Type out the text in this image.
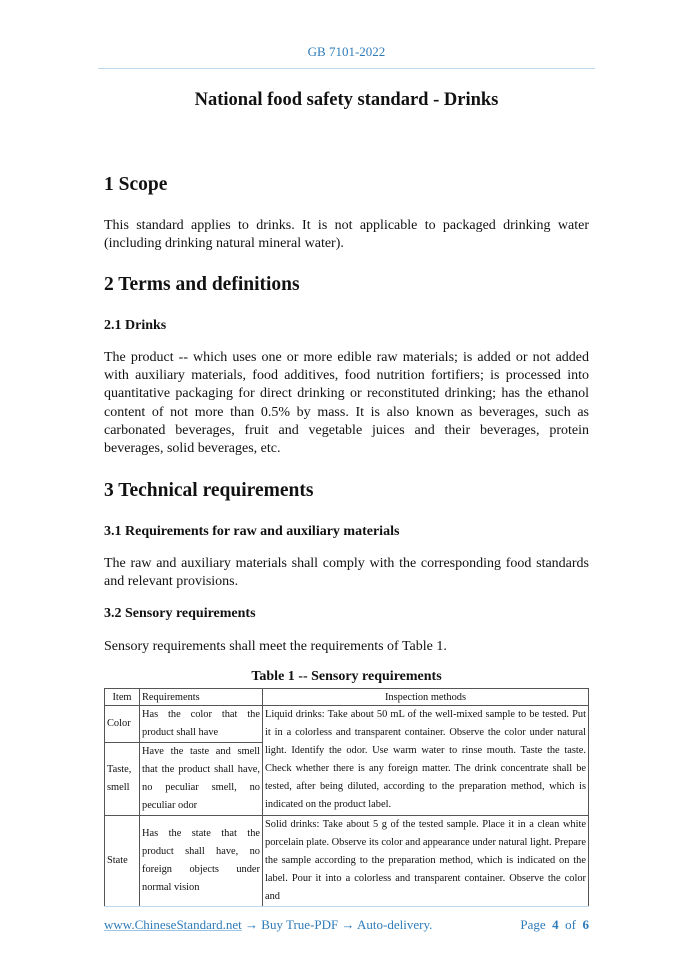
GB 7101-2022
National food safety standard - Drinks
1 Scope
This standard applies to drinks. It is not applicable to packaged drinking water (including drinking natural mineral water).
2 Terms and definitions
2.1 Drinks
The product -- which uses one or more edible raw materials; is added or not added with auxiliary materials, food additives, food nutrition fortifiers; is processed into quantitative packaging for direct drinking or reconstituted drinking; has the ethanol content of not more than 0.5% by mass. It is also known as beverages, such as carbonated beverages, fruit and vegetable juices and their beverages, protein beverages, solid beverages, etc.
3 Technical requirements
3.1 Requirements for raw and auxiliary materials
The raw and auxiliary materials shall comply with the corresponding food standards and relevant provisions.
3.2 Sensory requirements
Sensory requirements shall meet the requirements of Table 1.
Table 1 -- Sensory requirements
Item	Requirements	Inspection methods
Color	Has the color that the product shall have	Liquid drinks: Take about 50 mL of the well-mixed sample to be tested. Put it in a colorless and transparent container. Observe the color under natural light. Identify the odor. Use warm water to rinse mouth. Taste the taste. Check whether there is any foreign matter. The drink concentrate shall be tested, after being diluted, according to the preparation method, which is indicated on the product label.
Taste, smell	Have the taste and smell that the product shall have, no peculiar smell, no peculiar odor	
State	Has the state that the product shall have, no foreign objects under normal vision	Solid drinks: Take about 5 g of the tested sample. Place it in a clean white porcelain plate. Observe its color and appearance under natural light. Prepare the sample according to the preparation method, which is indicated on the label. Pour it into a colorless and transparent container. Observe the color and
www.ChineseStandard.net → Buy True-PDF → Auto-delivery.	Page 4 of 6
